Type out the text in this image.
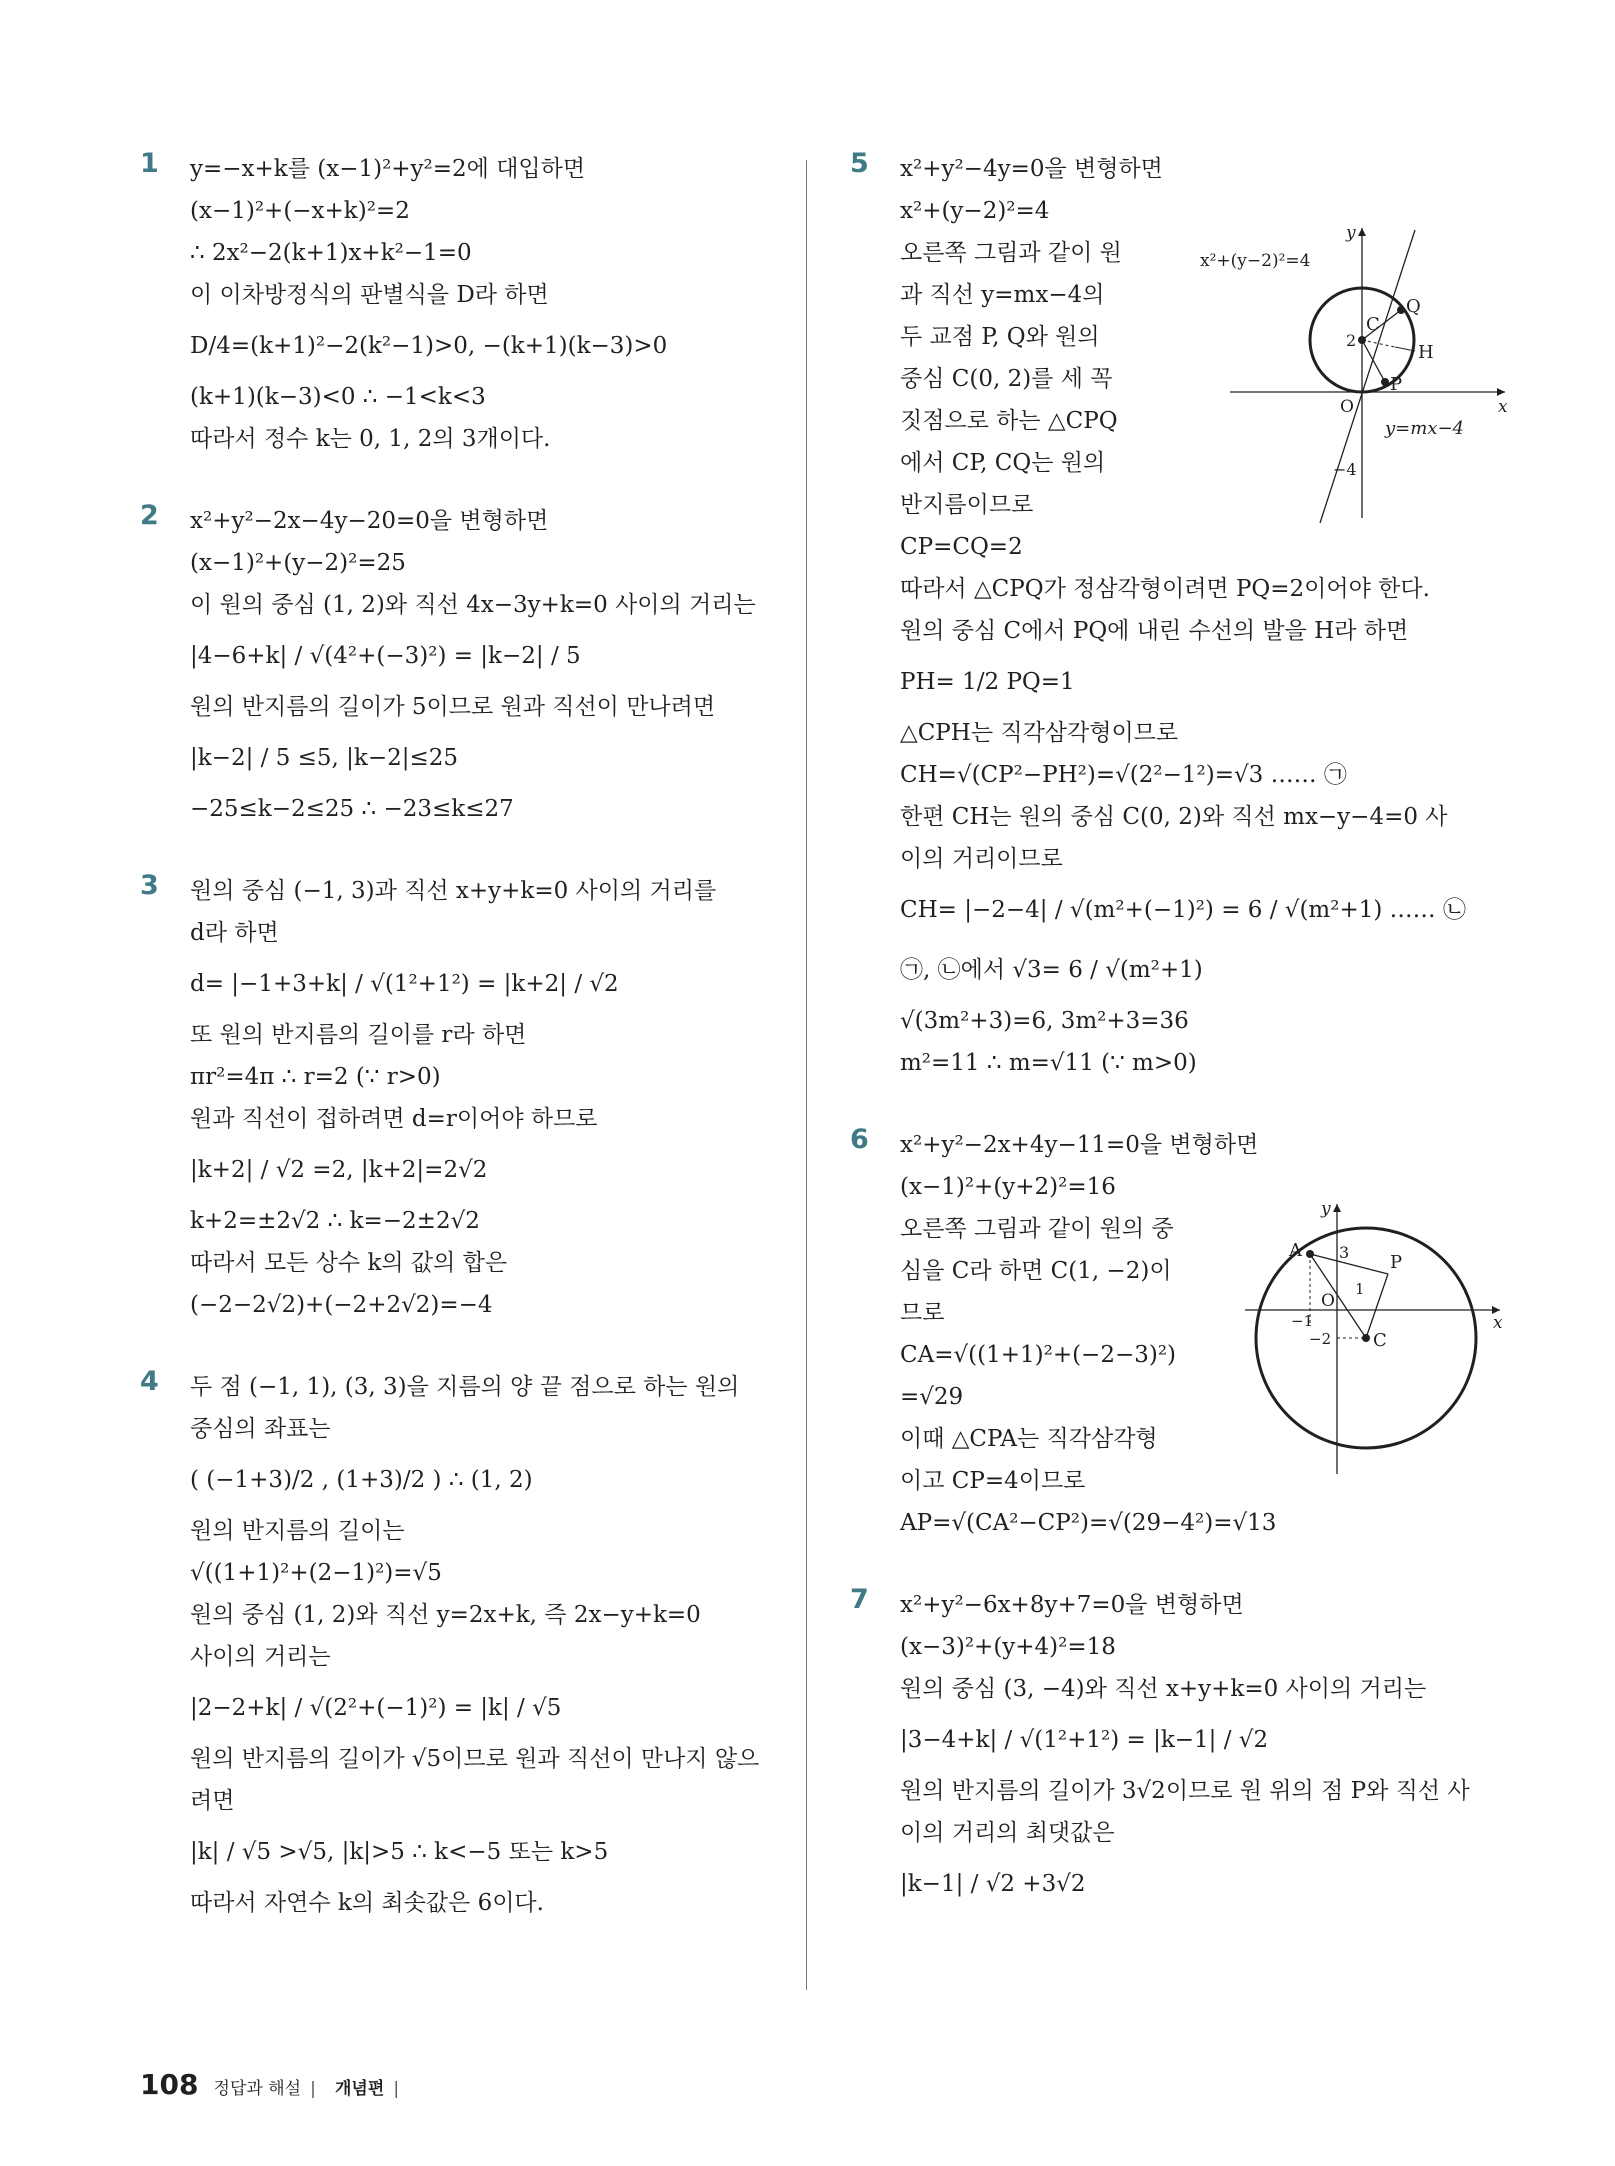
1 y=−x+k를 (x−1)²+y²=2에 대입하면
(x−1)²+(−x+k)²=2
∴ 2x²−2(k+1)x+k²−1=0
이 이차방정식의 판별식을 D라 하면
D/4=(k+1)²−2(k²−1)>0, −(k+1)(k−3)>0
(k+1)(k−3)<0 ∴ −1<k<3
따라서 정수 k는 0, 1, 2의 3개이다.
2 x²+y²−2x−4y−20=0을 변형하면
(x−1)²+(y−2)²=25
이 원의 중심 (1, 2)와 직선 4x−3y+k=0 사이의 거리는
|4−6+k| / √(4²+(−3)²) = |k−2| / 5
원의 반지름의 길이가 5이므로 원과 직선이 만나려면
|k−2| / 5 ≤5, |k−2|≤25
−25≤k−2≤25 ∴ −23≤k≤27
3 원의 중심 (−1, 3)과 직선 x+y+k=0 사이의 거리를
d라 하면
d= |−1+3+k| / √(1²+1²) = |k+2| / √2
또 원의 반지름의 길이를 r라 하면
πr²=4π ∴ r=2 (∵ r>0)
원과 직선이 접하려면 d=r이어야 하므로
|k+2| / √2 =2, |k+2|=2√2
k+2=±2√2 ∴ k=−2±2√2
따라서 모든 상수 k의 값의 합은
(−2−2√2)+(−2+2√2)=−4
4 두 점 (−1, 1), (3, 3)을 지름의 양 끝 점으로 하는 원의
중심의 좌표는
( (−1+3)/2 , (1+3)/2 ) ∴ (1, 2)
원의 반지름의 길이는
√((1+1)²+(2−1)²)=√5
원의 중심 (1, 2)와 직선 y=2x+k, 즉 2x−y+k=0
사이의 거리는
|2−2+k| / √(2²+(−1)²) = |k| / √5
원의 반지름의 길이가 √5이므로 원과 직선이 만나지 않으
려면
|k| / √5 >√5, |k|>5 ∴ k<−5 또는 k>5
따라서 자연수 k의 최솟값은 6이다.
5 x²+y²−4y=0을 변형하면
x²+(y−2)²=4
오른쪽 그림과 같이 원
과 직선 y=mx−4의
두 교점 P, Q와 원의
중심 C(0, 2)를 세 꼭
짓점으로 하는 △CPQ
에서 CP, CQ는 원의
반지름이므로
CP=CQ=2
x²+(y−2)²=4
y=mx−4
x
y
O
2
−4
C
Q
P
H
따라서 △CPQ가 정삼각형이려면 PQ=2이어야 한다.
원의 중심 C에서 PQ에 내린 수선의 발을 H라 하면
PH= 1/2 PQ=1
△CPH는 직각삼각형이므로
CH=√(CP²−PH²)=√(2²−1²)=√3 …… ㉠
한편 CH는 원의 중심 C(0, 2)와 직선 mx−y−4=0 사
이의 거리이므로
CH= |−2−4| / √(m²+(−1)²) = 6 / √(m²+1) …… ㉡
㉠, ㉡에서 √3= 6 / √(m²+1)
√(3m²+3)=6, 3m²+3=36
m²=11 ∴ m=√11 (∵ m>0)
6 x²+y²−2x+4y−11=0을 변형하면
(x−1)²+(y+2)²=16
오른쪽 그림과 같이 원의 중
심을 C라 하면 C(1, −2)이
므로
CA=√((1+1)²+(−2−3)²)
=√29
이때 △CPA는 직각삼각형
이고 CP=4이므로
x
y
O
A 3 P
1
−1
−2 C
AP=√(CA²−CP²)=√(29−4²)=√13
7 x²+y²−6x+8y+7=0을 변형하면
(x−3)²+(y+4)²=18
원의 중심 (3, −4)와 직선 x+y+k=0 사이의 거리는
|3−4+k| / √(1²+1²) = |k−1| / √2
원의 반지름의 길이가 3√2이므로 원 위의 점 P와 직선 사
이의 거리의 최댓값은
|k−1| / √2 +3√2
108 정답과 해설 | 개념편 |
